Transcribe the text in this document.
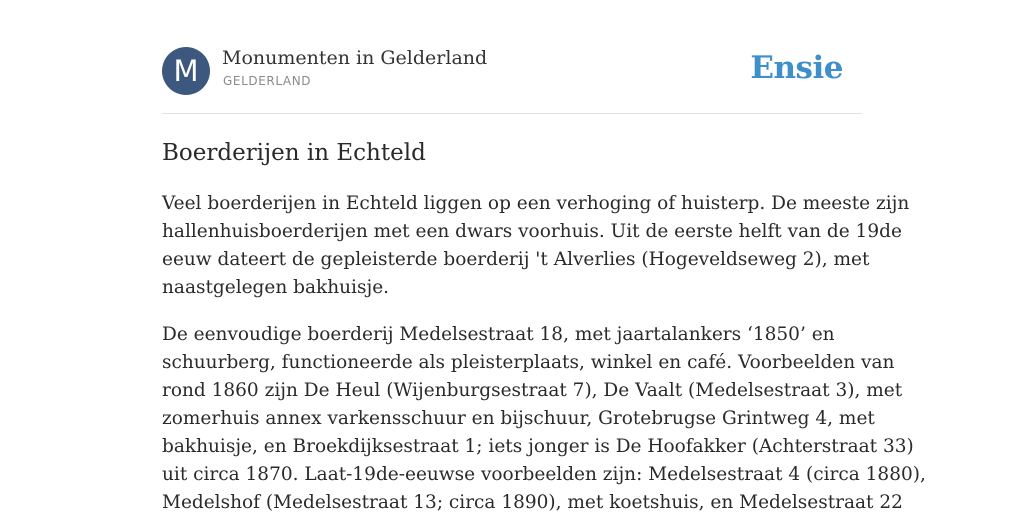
M	Monumenten in Gelderland
GELDERLAND	Ensie
Boerderijen in Echteld

Veel boerderijen in Echteld liggen op een verhoging of huisterp. De meeste zijn
hallenhuisboerderijen met een dwars voorhuis. Uit de eerste helft van de 19de
eeuw dateert de gepleisterde boerderij 't Alverlies (Hogeveldseweg 2), met
naastgelegen bakhuisje.

De eenvoudige boerderij Medelsestraat 18, met jaartalankers ‘1850’ en
schuurberg, functioneerde als pleisterplaats, winkel en café. Voorbeelden van
rond 1860 zijn De Heul (Wijenburgsestraat 7), De Vaalt (Medelsestraat 3), met
zomerhuis annex varkensschuur en bijschuur, Grotebrugse Grintweg 4, met
bakhuisje, en Broekdijksestraat 1; iets jonger is De Hoofakker (Achterstraat 33)
uit circa 1870. Laat-19de-eeuwse voorbeelden zijn: Medelsestraat 4 (circa 1880),
Medelshof (Medelsestraat 13; circa 1890), met koetshuis, en Medelsestraat 22
